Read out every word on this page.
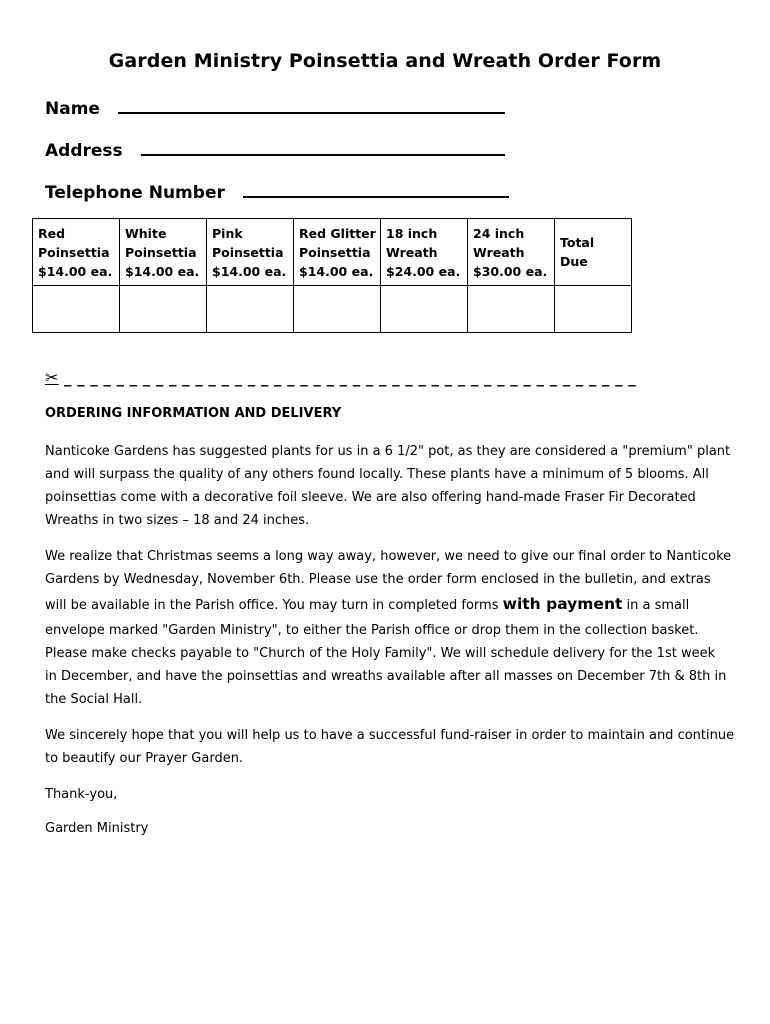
Garden Ministry Poinsettia and Wreath Order Form
Name
Address
Telephone Number
Red
Poinsettia
$14.00 ea.	White
Poinsettia
$14.00 ea.	Pink
Poinsettia
$14.00 ea.	Red Glitter
Poinsettia
$14.00 ea.	18 inch
Wreath
$24.00 ea.	24 inch
Wreath
$30.00 ea.	Total Due

✂ _ _ _ _ _ _ _ _ _ _ _ _ _ _ _ _ _ _ _ _ _ _ _ _ _ _ _ _ _ _ _ _ _ _ _ _ _ _ _ _ _ _ _ _
ORDERING INFORMATION AND DELIVERY
Nanticoke Gardens has suggested plants for us in a 6 1/2" pot, as they are considered a "premium" plant
and will surpass the quality of any others found locally. These plants have a minimum of 5 blooms. All
poinsettias come with a decorative foil sleeve. We are also offering hand-made Fraser Fir Decorated
Wreaths in two sizes – 18 and 24 inches.
We realize that Christmas seems a long way away, however, we need to give our final order to Nanticoke
Gardens by Wednesday, November 6th. Please use the order form enclosed in the bulletin, and extras
will be available in the Parish office. You may turn in completed forms with payment in a small
envelope marked "Garden Ministry", to either the Parish office or drop them in the collection basket.
Please make checks payable to "Church of the Holy Family". We will schedule delivery for the 1st week
in December, and have the poinsettias and wreaths available after all masses on December 7th & 8th in
the Social Hall.
We sincerely hope that you will help us to have a successful fund-raiser in order to maintain and continue
to beautify our Prayer Garden.
Thank-you,
Garden Ministry
